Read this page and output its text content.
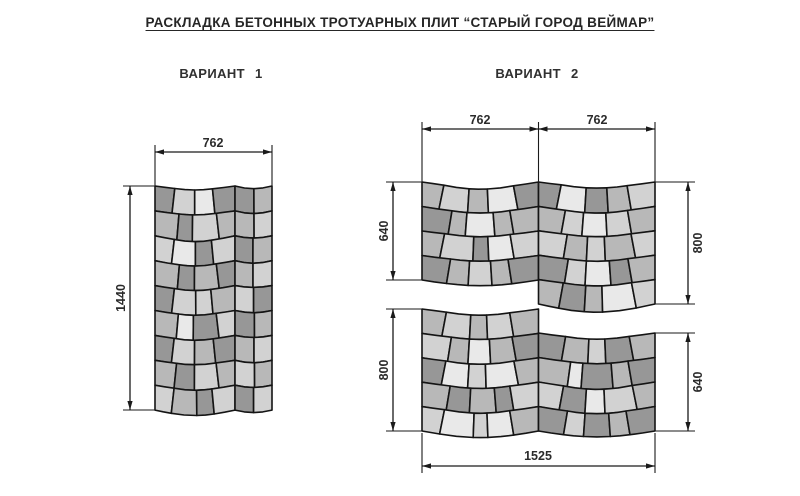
РАСКЛАДКА БЕТОННЫХ ТРОТУАРНЫХ ПЛИТ “СТАРЫЙ ГОРОД ВЕЙМАР”
ВАРИАНТ 1	ВАРИАНТ 2
762
1440
762	762
640
800
800
640
1525
